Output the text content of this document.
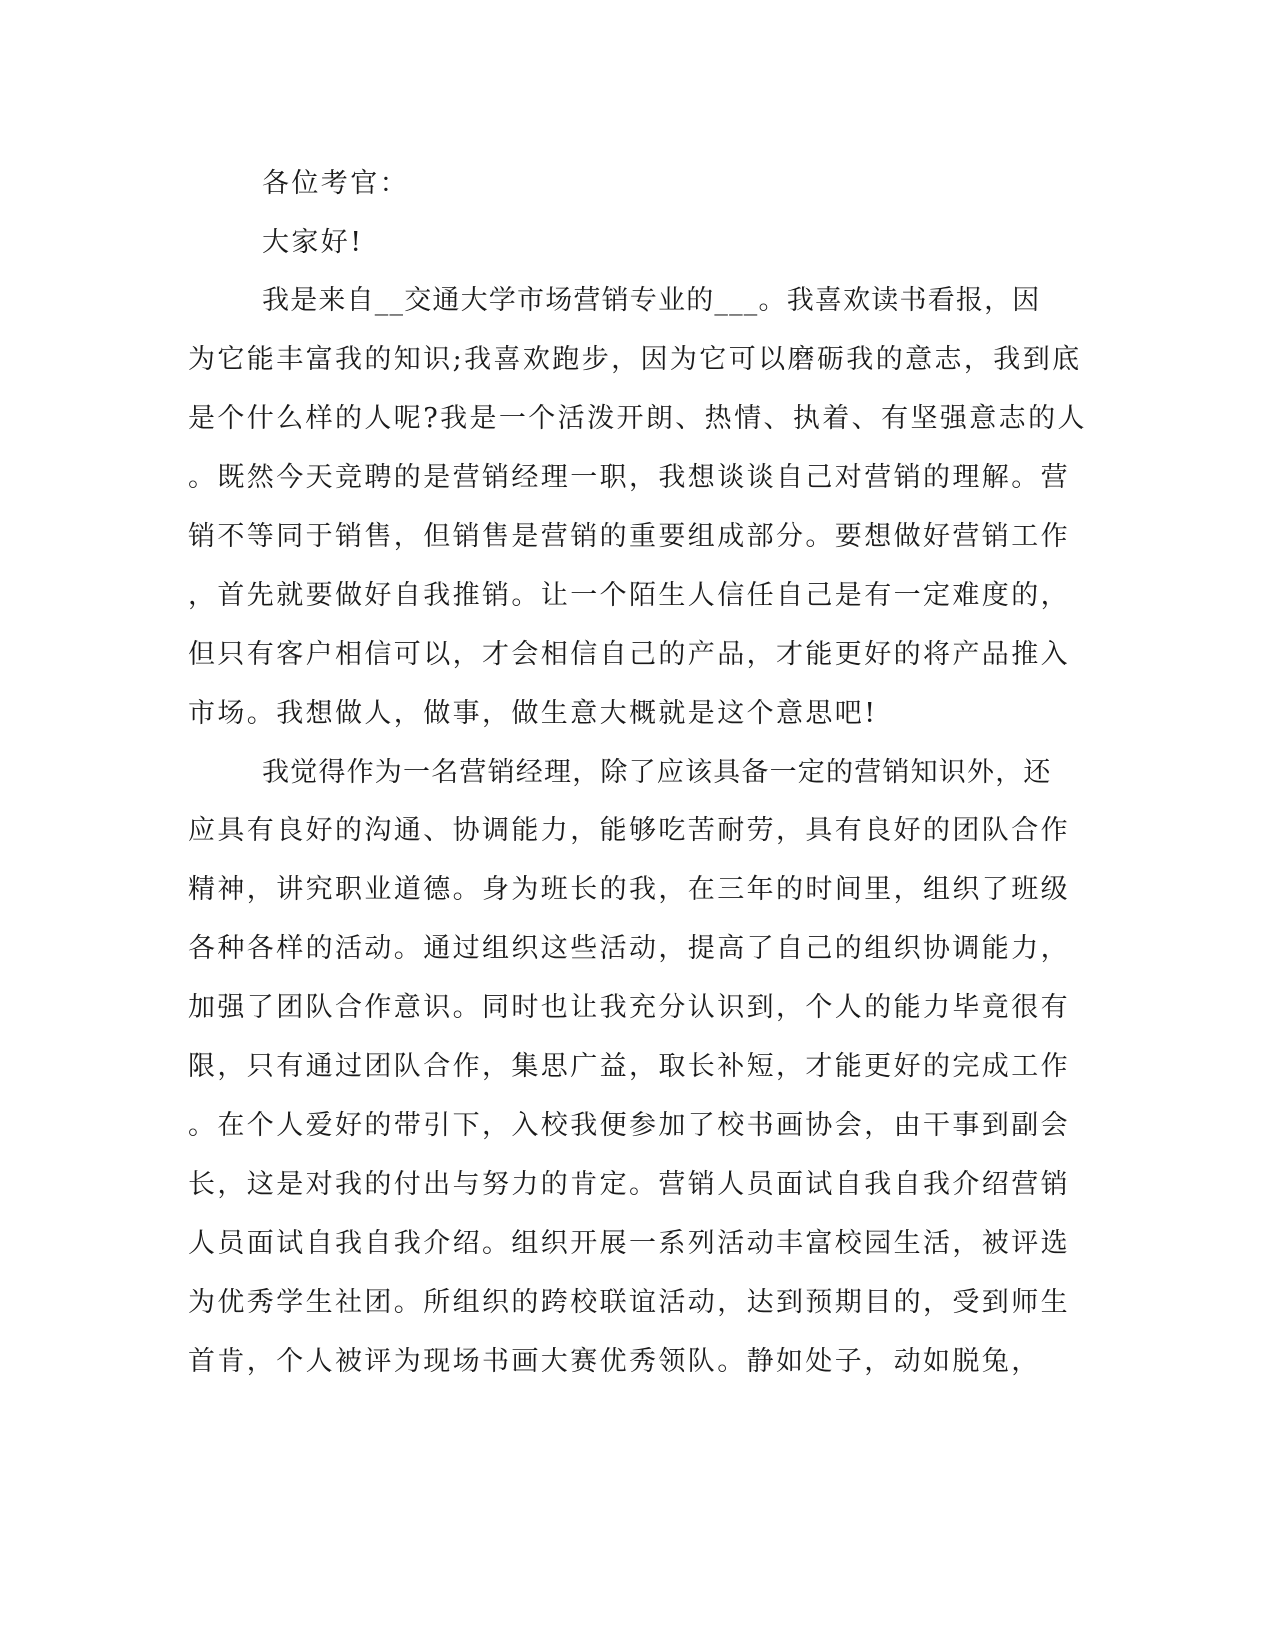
各位考官：
大家好!
我是来自__交通大学市场营销专业的___。我喜欢读书看报，因
为它能丰富我的知识;我喜欢跑步，因为它可以磨砺我的意志，我到底
是个什么样的人呢?我是一个活泼开朗、热情、执着、有坚强意志的人
。既然今天竞聘的是营销经理一职，我想谈谈自己对营销的理解。营
销不等同于销售，但销售是营销的重要组成部分。要想做好营销工作
，首先就要做好自我推销。让一个陌生人信任自己是有一定难度的，
但只有客户相信可以，才会相信自己的产品，才能更好的将产品推入
市场。我想做人，做事，做生意大概就是这个意思吧!
我觉得作为一名营销经理，除了应该具备一定的营销知识外，还
应具有良好的沟通、协调能力，能够吃苦耐劳，具有良好的团队合作
精神，讲究职业道德。身为班长的我，在三年的时间里，组织了班级
各种各样的活动。通过组织这些活动，提高了自己的组织协调能力，
加强了团队合作意识。同时也让我充分认识到，个人的能力毕竟很有
限，只有通过团队合作，集思广益，取长补短，才能更好的完成工作
。在个人爱好的带引下，入校我便参加了校书画协会，由干事到副会
长，这是对我的付出与努力的肯定。营销人员面试自我自我介绍营销
人员面试自我自我介绍。组织开展一系列活动丰富校园生活，被评选
为优秀学生社团。所组织的跨校联谊活动，达到预期目的，受到师生
首肯，个人被评为现场书画大赛优秀领队。静如处子，动如脱兔，
